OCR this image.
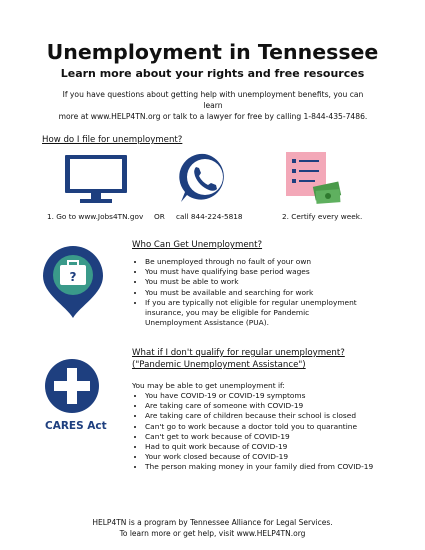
Unemployment in Tennessee
Learn more about your rights and free resources
If you have questions about getting help with unemployment benefits, you can learn
more at www.HELP4TN.org or talk to a lawyer for free by calling 1-844-435-7486.
How do I file for unemployment?
1. Go to www.Jobs4TN.gov OR call 844-224-5818	2. Certify every week.
?
Who Can Get Unemployment?
• Be unemployed through no fault of your own
• You must have qualifying base period wages
• You must be able to work
• You must be available and searching for work
• If you are typically not eligible for regular unemployment insurance, you may be eligible for Pandemic Unemployment Assistance (PUA).
What if I don't qualify for regular unemployment?
("Pandemic Unemployment Assistance")
CARES Act
You may be able to get unemployment if:
• You have COVID-19 or COVID-19 symptoms
• Are taking care of someone with COVID-19
• Are taking care of children because their school is closed
• Can't go to work because a doctor told you to quarantine
• Can't get to work because of COVID-19
• Had to quit work because of COVID-19
• Your work closed because of COVID-19
• The person making money in your family died from COVID-19
HELP4TN is a program by Tennessee Alliance for Legal Services.
To learn more or get help, visit www.HELP4TN.org
